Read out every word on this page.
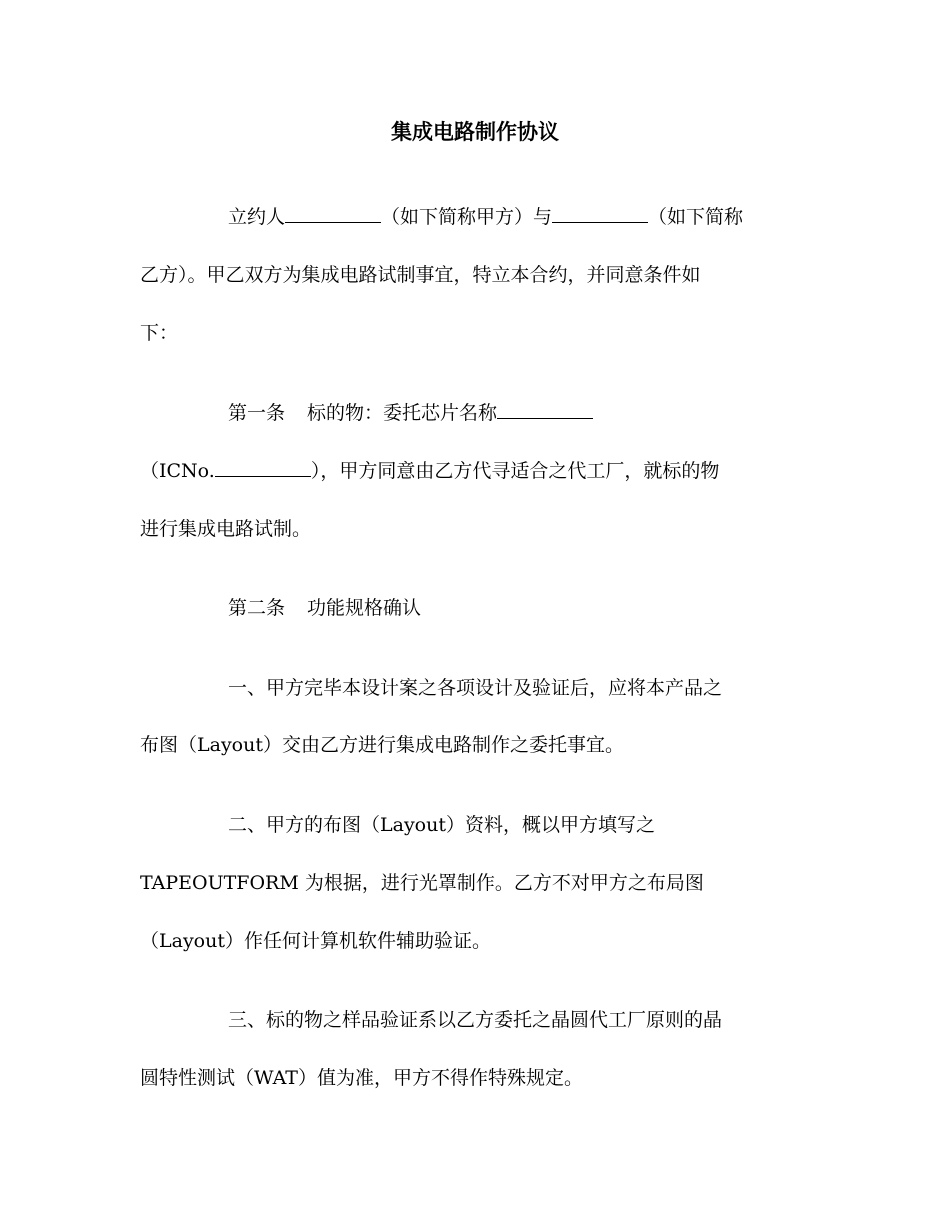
集成电路制作协议
立约人	（如下简称甲方）与	（如下简称
乙方）。甲乙双方为集成电路试制事宜，特立本合约，并同意条件如
下：
第一条 标的物：委托芯片名称
（ICNo.	），甲方同意由乙方代寻适合之代工厂，就标的物
进行集成电路试制。
第二条 功能规格确认
一、甲方完毕本设计案之各项设计及验证后，应将本产品之
布图（Layout）交由乙方进行集成电路制作之委托事宜。
二、甲方的布图（Layout）资料，概以甲方填写之
TAPEOUTFORM 为根据，进行光罩制作。乙方不对甲方之布局图
（Layout）作任何计算机软件辅助验证。
三、标的物之样品验证系以乙方委托之晶圆代工厂原则的晶
圆特性测试（WAT）值为准，甲方不得作特殊规定。
